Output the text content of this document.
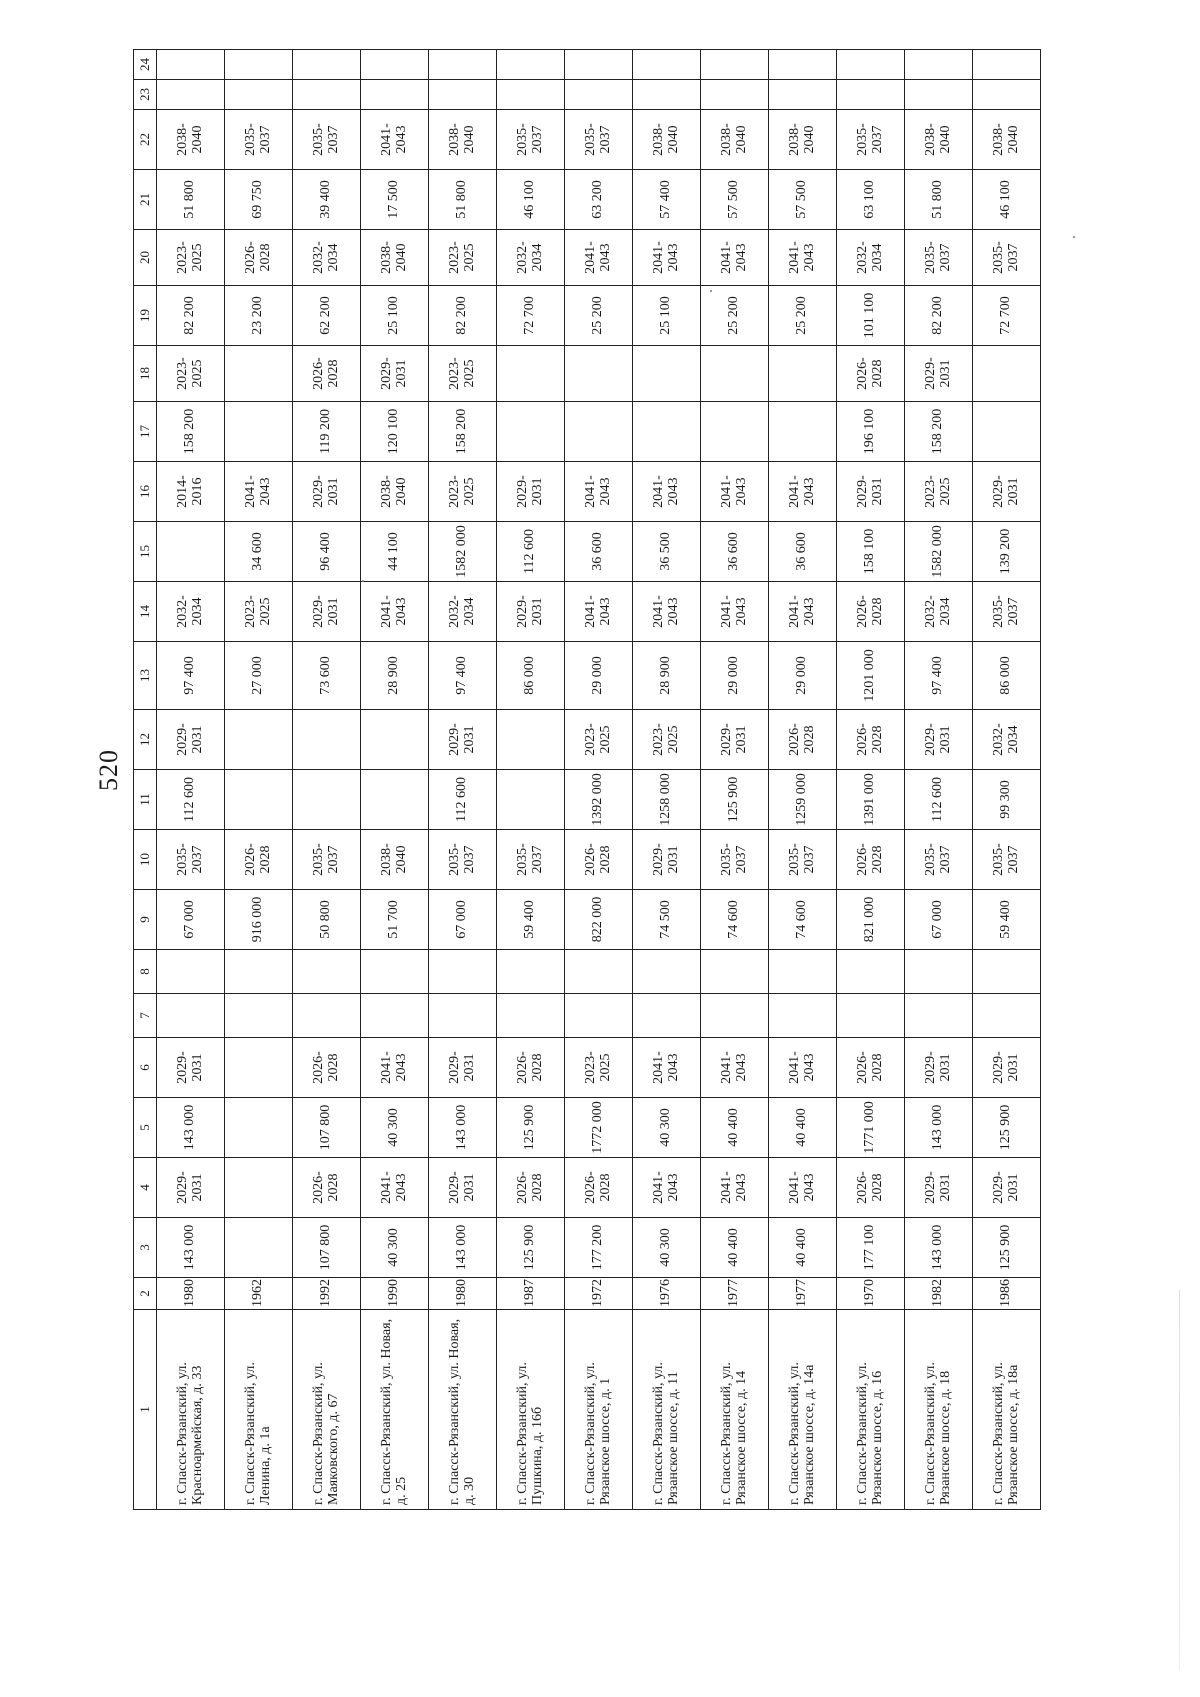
520
1	2	3	4	5	6	7	8	9	10	11	12	13	14	15	16	17	18	19	20	21	22	23	24
г. Спасск-Рязанский, ул. Красноармейская, д. 33	1980	143 000	2029-2031	143 000	2029-2031			67 000	2035-2037	112 600	2029-2031	97 400	2032-2034		2014-2016	158 200	2023-2025	82 200	2023-2025	51 800	2038-2040		
г. Спасск-Рязанский, ул. Ленина, д. 1а	1962							916 000	2026-2028			27 000	2023-2025	34 600	2041-2043			23 200	2026-2028	69 750	2035-2037		
г. Спасск-Рязанский, ул. Маяковского, д. 67	1992	107 800	2026-2028	107 800	2026-2028			50 800	2035-2037			73 600	2029-2031	96 400	2029-2031	119 200	2026-2028	62 200	2032-2034	39 400	2035-2037		
г. Спасск-Рязанский, ул. Новая, д. 25	1990	40 300	2041-2043	40 300	2041-2043			51 700	2038-2040			28 900	2041-2043	44 100	2038-2040	120 100	2029-2031	25 100	2038-2040	17 500	2041-2043		
г. Спасск-Рязанский, ул. Новая, д. 30	1980	143 000	2029-2031	143 000	2029-2031			67 000	2035-2037	112 600	2029-2031	97 400	2032-2034	1582 000	2023-2025	158 200	2023-2025	82 200	2023-2025	51 800	2038-2040		
г. Спасск-Рязанский, ул. Пушкина, д. 16б	1987	125 900	2026-2028	125 900	2026-2028			59 400	2035-2037			86 000	2029-2031	112 600	2029-2031			72 700	2032-2034	46 100	2035-2037		
г. Спасск-Рязанский, ул. Рязанское шоссе, д. 1	1972	177 200	2026-2028	1772 000	2023-2025			822 000	2026-2028	1392 000	2023-2025	29 000	2041-2043	36 600	2041-2043			25 200	2041-2043	63 200	2035-2037		
г. Спасск-Рязанский, ул. Рязанское шоссе, д. 11	1976	40 300	2041-2043	40 300	2041-2043			74 500	2029-2031	1258 000	2023-2025	28 900	2041-2043	36 500	2041-2043			25 100	2041-2043	57 400	2038-2040		
г. Спасск-Рязанский, ул. Рязанское шоссе, д. 14	1977	40 400	2041-2043	40 400	2041-2043			74 600	2035-2037	125 900	2029-2031	29 000	2041-2043	36 600	2041-2043			25 200	2041-2043	57 500	2038-2040		
г. Спасск-Рязанский, ул. Рязанское шоссе, д. 14а	1977	40 400	2041-2043	40 400	2041-2043			74 600	2035-2037	1259 000	2026-2028	29 000	2041-2043	36 600	2041-2043			25 200	2041-2043	57 500	2038-2040		
г. Спасск-Рязанский, ул. Рязанское шоссе, д. 16	1970	177 100	2026-2028	1771 000	2026-2028			821 000	2026-2028	1391 000	2026-2028	1201 000	2026-2028	158 100	2029-2031	196 100	2026-2028	101 100	2032-2034	63 100	2035-2037		
г. Спасск-Рязанский, ул. Рязанское шоссе, д. 18	1982	143 000	2029-2031	143 000	2029-2031			67 000	2035-2037	112 600	2029-2031	97 400	2032-2034	1582 000	2023-2025	158 200	2029-2031	82 200	2035-2037	51 800	2038-2040		
г. Спасск-Рязанский, ул. Рязанское шоссе, д. 18а	1986	125 900	2029-2031	125 900	2029-2031			59 400	2035-2037	99 300	2032-2034	86 000	2035-2037	139 200	2029-2031			72 700	2035-2037	46 100	2038-2040		
